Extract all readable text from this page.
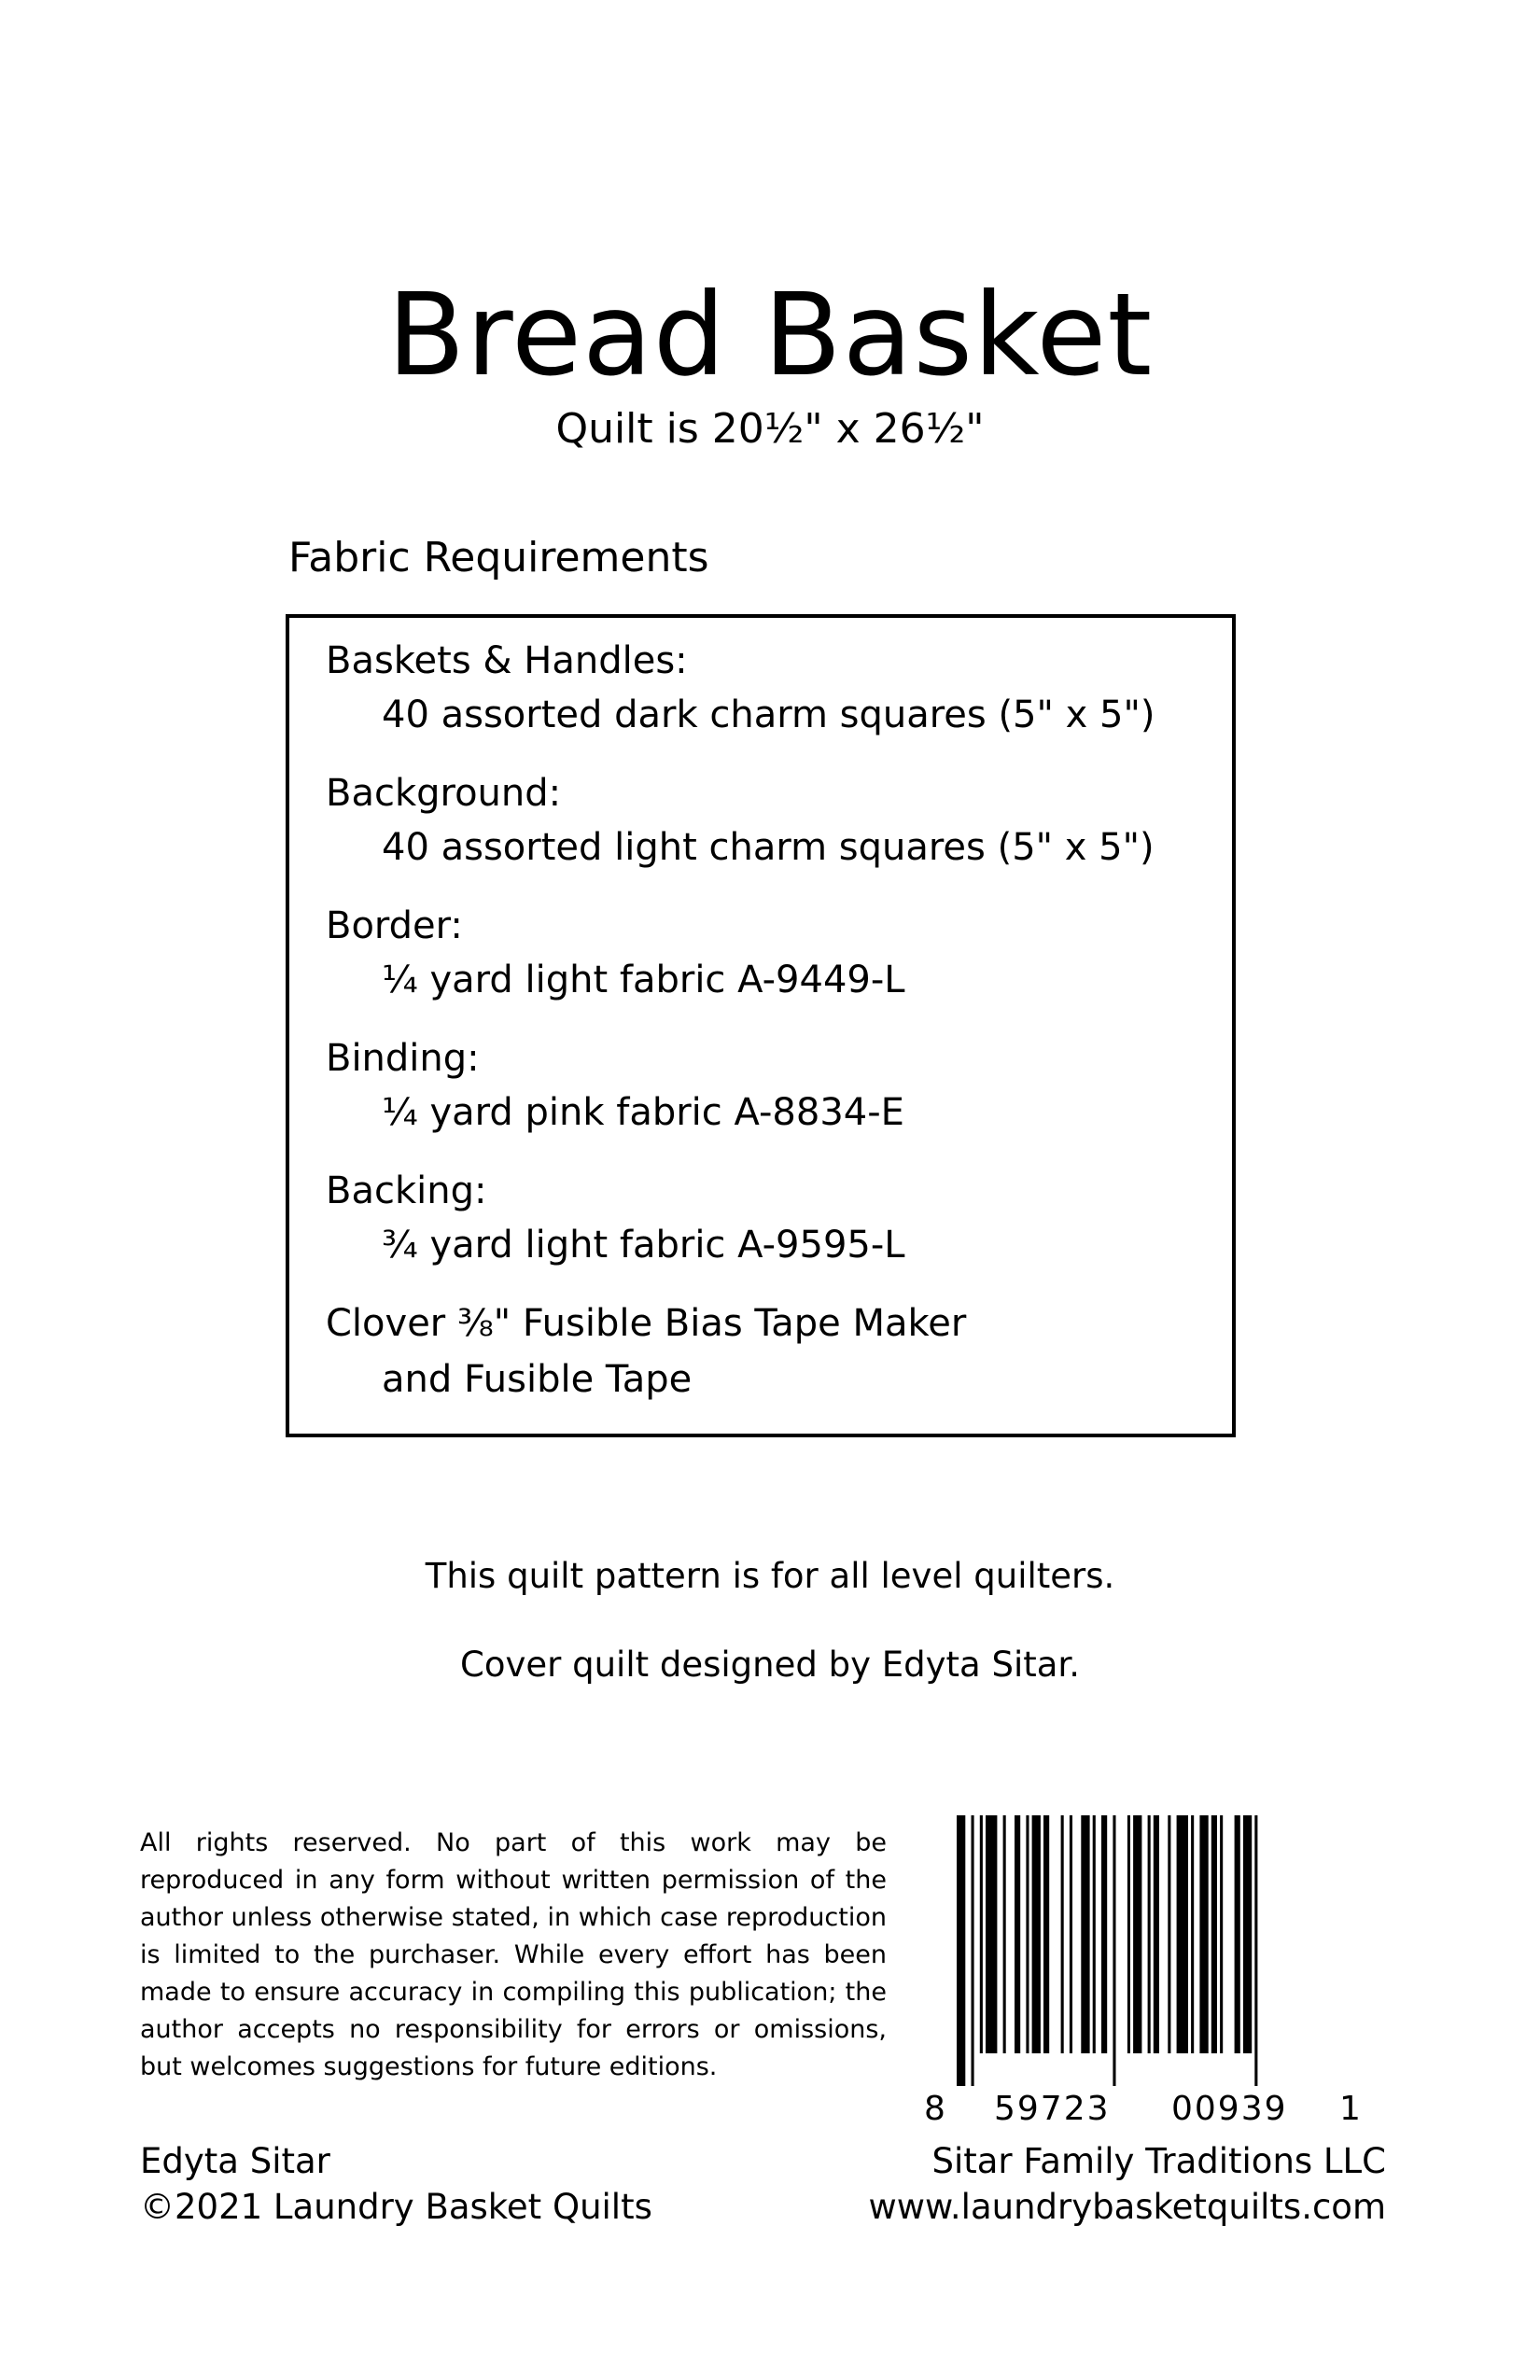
Bread Basket
Quilt is 20½" x 26½"
Fabric Requirements
Baskets & Handles:
40 assorted dark charm squares (5" x 5")
Background:
40 assorted light charm squares (5" x 5")
Border:
¼ yard light fabric A-9449-L
Binding:
¼ yard pink fabric A-8834-E
Backing:
¾ yard light fabric A-9595-L
Clover ⅜" Fusible Bias Tape Maker
and Fusible Tape
This quilt pattern is for all level quilters.
Cover quilt designed by Edyta Sitar.
All rights reserved. No part of this work may be reproduced in any form without written permission of the author unless otherwise stated, in which case reproduction is limited to the purchaser. While every effort has been made to ensure accuracy in compiling this publication; the author accepts no responsibility for errors or omissions, but welcomes suggestions for future editions.
8 59723 00939 1
Edyta Sitar
©2021 Laundry Basket Quilts
Sitar Family Traditions LLC
www.laundrybasketquilts.com
